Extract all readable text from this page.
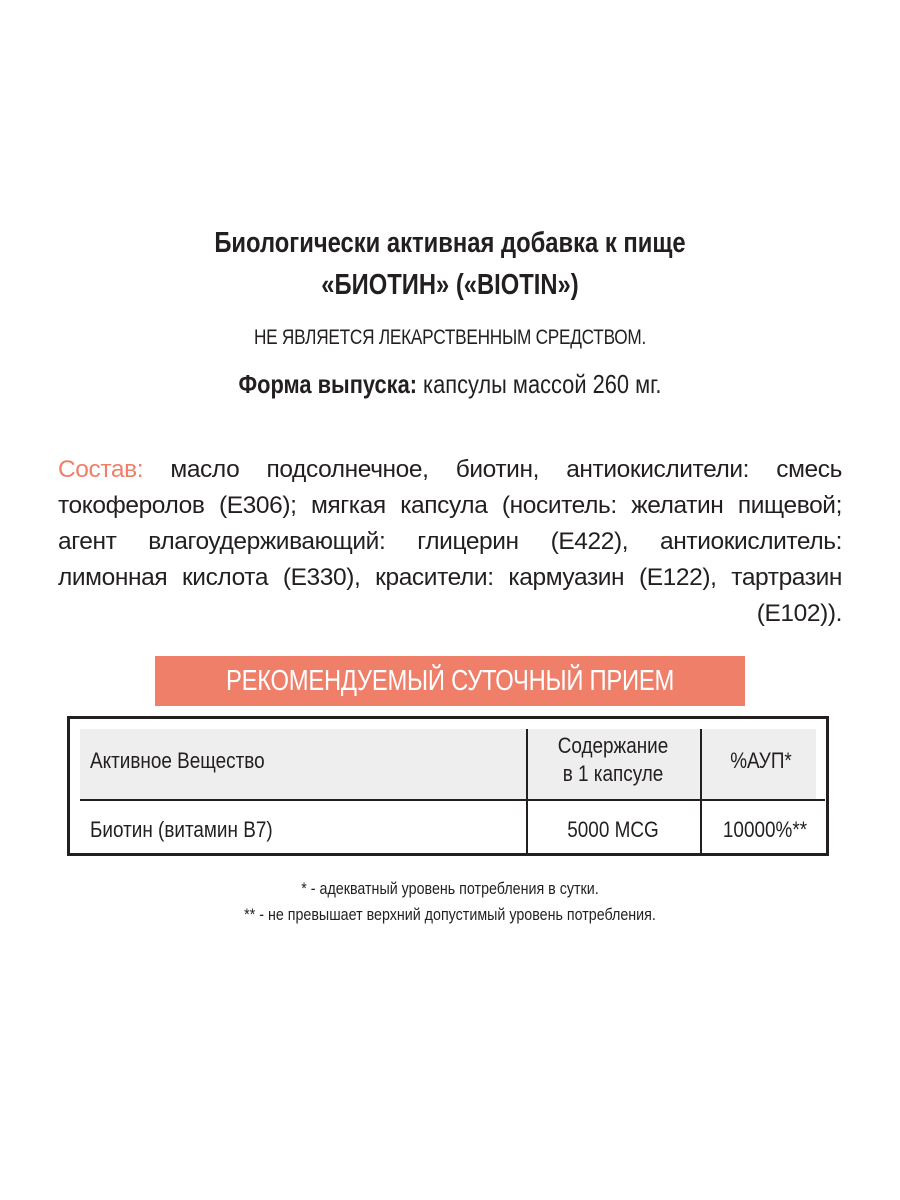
Биологически активная добавка к пище
«БИОТИН» («BIOTIN»)
НЕ ЯВЛЯЕТСЯ ЛЕКАРСТВЕННЫМ СРЕДСТВОМ.
Форма выпуска: капсулы массой 260 мг.
Состав: масло подсолнечное, биотин, антиокислители: смесь токоферолов (Е306); мягкая капсула (носитель: желатин пищевой; агент влагоудерживающий: глицерин (Е422), антиокислитель: лимонная кислота (Е330), красители: кармуазин (Е122), тартразин (Е102)).
РЕКОМЕНДУЕМЫЙ СУТОЧНЫЙ ПРИЕМ
Активное Вещество
Содержание
в 1 капсуле
%АУП*
Биотин (витамин В7)	5000 MCG	10000%**
* - адекватный уровень потребления в сутки.
** - не превышает верхний допустимый уровень потребления.
